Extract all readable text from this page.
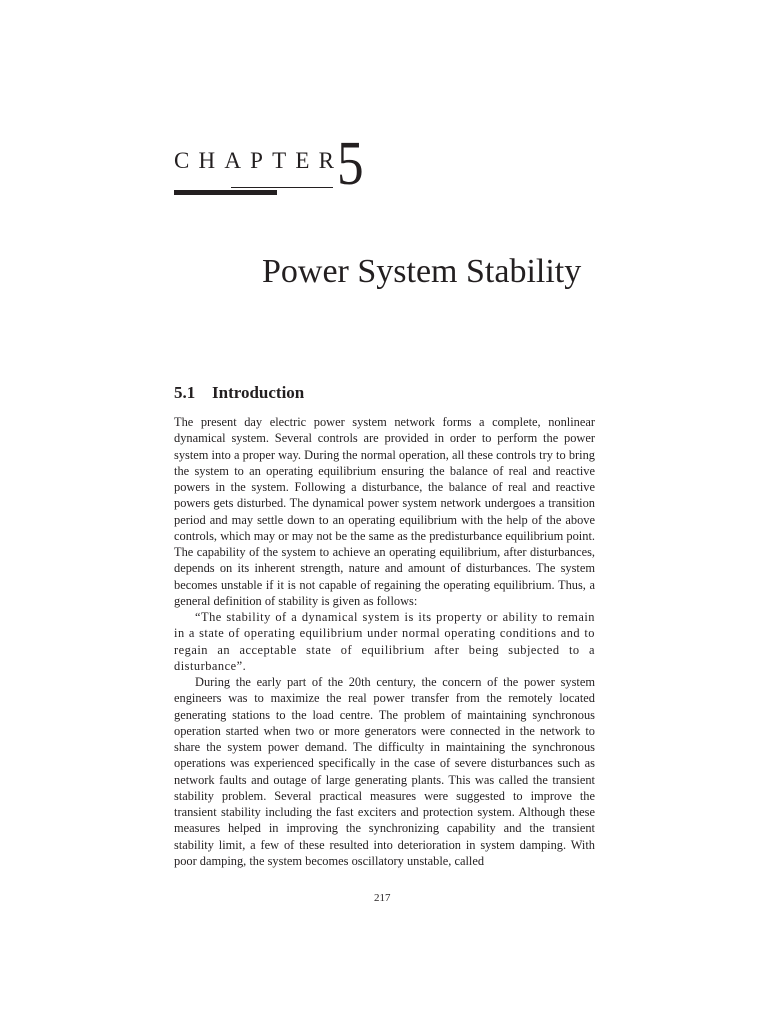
CHAPTER
5
Power System Stability
5.1 Introduction

The present day electric power system network forms a complete, nonlinear dynamical system. Several controls are provided in order to perform the power system into a proper way. During the normal operation, all these controls try to bring the system to an operating equilibrium ensuring the balance of real and reactive powers in the system. Following a disturbance, the balance of real and reactive powers gets disturbed. The dynamical power system network undergoes a transition period and may settle down to an operating equilibrium with the help of the above controls, which may or may not be the same as the predisturbance equilibrium point. The capability of the system to achieve an operating equilibrium, after disturbances, depends on its inherent strength, nature and amount of disturbances. The system becomes unstable if it is not capable of regaining the operating equilibrium. Thus, a general definition of stability is given as follows:

“The stability of a dynamical system is its property or ability to remain in a state of operating equilibrium under normal operating conditions and to regain an acceptable state of equilibrium after being subjected to a disturbance”.

During the early part of the 20th century, the concern of the power system engineers was to maximize the real power transfer from the remotely located generating stations to the load centre. The problem of maintaining synchronous operation started when two or more generators were connected in the network to share the system power demand. The difficulty in maintaining the synchronous operations was experienced specifically in the case of severe disturbances such as network faults and outage of large generating plants. This was called the transient stability problem. Several practical measures were suggested to improve the transient stability including the fast exciters and protection system. Although these measures helped in improving the synchronizing capability and the transient stability limit, a few of these resulted into deterioration in system damping. With poor damping, the system becomes oscillatory unstable, called

217
